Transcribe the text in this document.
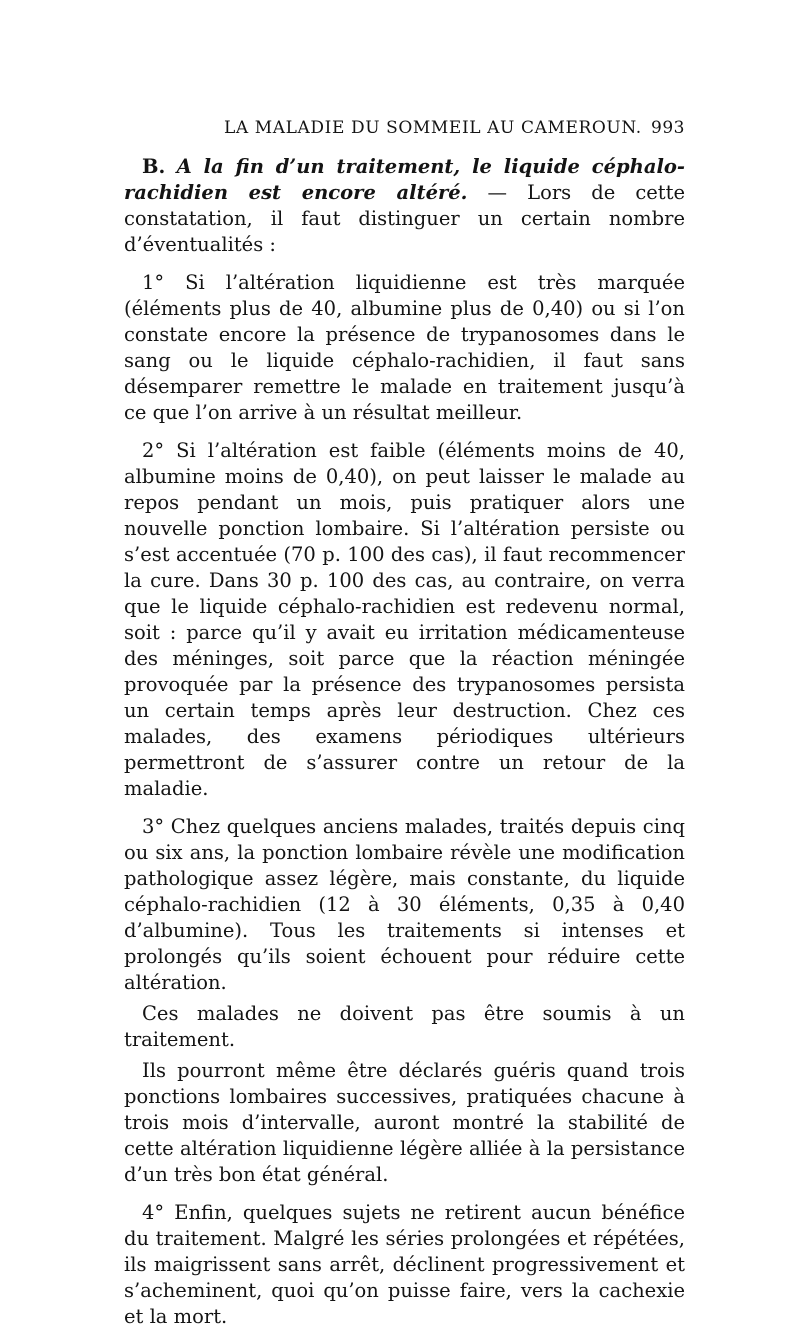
LA MALADIE DU SOMMEIL AU CAMEROUN. 993

B. A la fin d’un traitement, le liquide céphalo-rachidien est encore altéré. — Lors de cette constatation, il faut distinguer un certain nombre d’éventualités :

1° Si l’altération liquidienne est très marquée (éléments plus de 40, albumine plus de 0,40) ou si l’on constate encore la présence de trypanosomes dans le sang ou le liquide céphalo-rachidien, il faut sans désemparer remettre le malade en traitement jusqu’à ce que l’on arrive à un résultat meilleur.

2° Si l’altération est faible (éléments moins de 40, albumine moins de 0,40), on peut laisser le malade au repos pendant un mois, puis pratiquer alors une nouvelle ponction lombaire. Si l’altération persiste ou s’est accentuée (70 p. 100 des cas), il faut recommencer la cure. Dans 30 p. 100 des cas, au contraire, on verra que le liquide céphalo-rachidien est redevenu normal, soit : parce qu’il y avait eu irritation médicamenteuse des méninges, soit parce que la réaction méningée provoquée par la présence des trypanosomes persista un certain temps après leur destruction. Chez ces malades, des examens périodiques ultérieurs permettront de s’assurer contre un retour de la maladie.

3° Chez quelques anciens malades, traités depuis cinq ou six ans, la ponction lombaire révèle une modification pathologique assez légère, mais constante, du liquide céphalo-rachidien (12 à 30 éléments, 0,35 à 0,40 d’albumine). Tous les traitements si intenses et prolongés qu’ils soient échouent pour réduire cette altération.

Ces malades ne doivent pas être soumis à un traitement.

Ils pourront même être déclarés guéris quand trois ponctions lombaires successives, pratiquées chacune à trois mois d’intervalle, auront montré la stabilité de cette altération liquidienne légère alliée à la persistance d’un très bon état général.

4° Enfin, quelques sujets ne retirent aucun bénéfice du traitement. Malgré les séries prolongées et répétées, ils maigrissent sans arrêt, déclinent progressivement et s’acheminent, quoi qu’on puisse faire, vers la cachexie et la mort.
